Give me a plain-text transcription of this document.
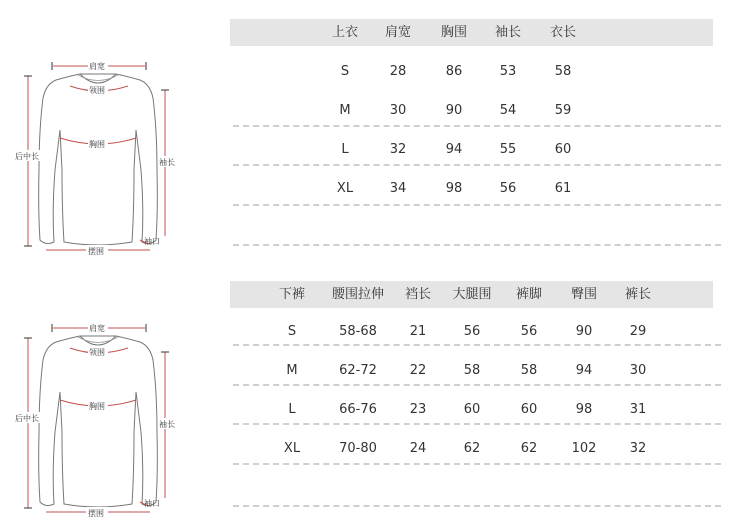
肩宽
领围
胸围
后中长
袖长
袖口
摆围
上衣	肩宽	胸围	袖长	衣长
S	28	86	53	58
M	30	90	54	59
L	32	94	55	60
XL	34	98	56	61
肩宽
领围
胸围
后中长
袖长
袖口
摆围
下裤	腰围拉伸	裆长	大腿围	裤脚	臀围	裤长
S	58-68	21	56	56	90	29
M	62-72	22	58	58	94	30
L	66-76	23	60	60	98	31
XL	70-80	24	62	62	102	32
